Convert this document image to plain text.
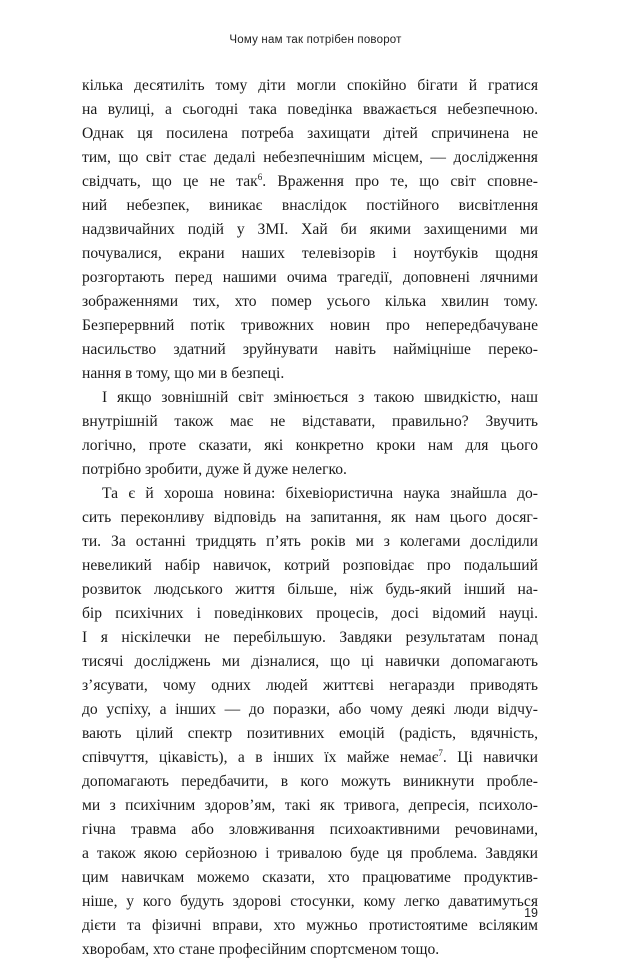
Чому нам так потрібен поворот
кілька десятиліть тому діти могли спокійно бігати й гратися
на вулиці, а сьогодні така поведінка вважається небезпечною.
Однак ця посилена потреба захищати дітей спричинена не
тим, що світ стає дедалі небезпечнішим місцем, — дослідження
свідчать, що це не так$^6$. Враження про те, що світ сповне-
ний небезпек, виникає внаслідок постійного висвітлення
надзвичайних подій у ЗМІ. Хай би якими захищеними ми
почувалися, екрани наших телевізорів і ноутбуків щодня
розгортають перед нашими очима трагедії, доповнені лячними
зображеннями тих, хто помер усього кілька хвилин тому.
Безперервний потік тривожних новин про непередбачуване
насильство здатний зруйнувати навіть найміцніше переко-
нання в тому, що ми в безпеці.
І якщо зовнішній світ змінюється з такою швидкістю, наш
внутрішній також має не відставати, правильно? Звучить
логічно, проте сказати, які конкретно кроки нам для цього
потрібно зробити, дуже й дуже нелегко.
Та є й хороша новина: біхевіористична наука знайшла до-
сить переконливу відповідь на запитання, як нам цього досяг-
ти. За останні тридцять п’ять років ми з колегами дослідили
невеликий набір навичок, котрий розповідає про подальший
розвиток людського життя більше, ніж будь-який інший на-
бір психічних і поведінкових процесів, досі відомий науці.
І я ніскілечки не перебільшую. Завдяки результатам понад
тисячі досліджень ми дізналися, що ці навички допомагають
з’ясувати, чому одних людей життєві негаразди приводять
до успіху, а інших — до поразки, або чому деякі люди відчу-
вають цілий спектр позитивних емоцій (радість, вдячність,
співчуття, цікавість), а в інших їх майже немає$^7$. Ці навички
допомагають передбачити, в кого можуть виникнути пробле-
ми з психічним здоров’ям, такі як тривога, депресія, психоло-
гічна травма або зловживання психоактивними речовинами,
а також якою серйозною і тривалою буде ця проблема. Завдяки
цим навичкам можемо сказати, хто працюватиме продуктив-
ніше, у кого будуть здорові стосунки, кому легко даватимуться
дієти та фізичні вправи, хто мужньо протистоятиме всіляким
хворобам, хто стане професійним спортсменом тощо.
19
